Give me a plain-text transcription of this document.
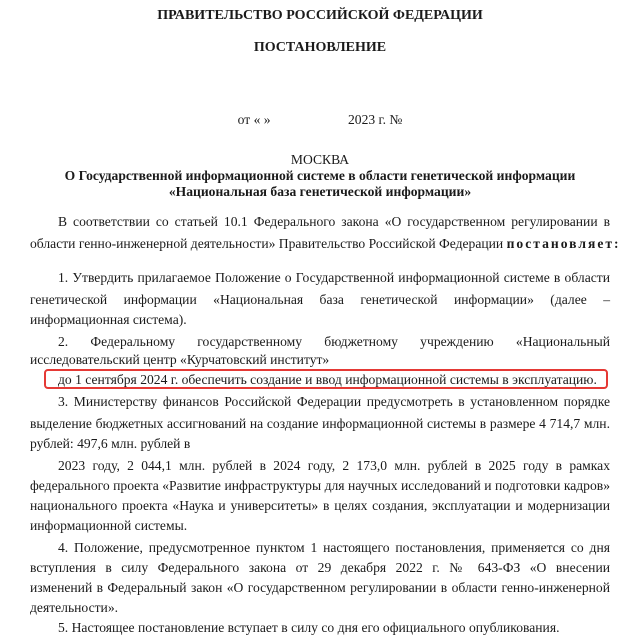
ПРАВИТЕЛЬСТВО РОССИЙСКОЙ ФЕДЕРАЦИИ
ПОСТАНОВЛЕНИЕ
от « »	2023 г. №
МОСКВА
О Государственной информационной системе в области генетической информации
«Национальная база генетической информации»
В соответствии со статьей 10.1 Федерального закона «О государственном регулировании в
области генно-инженерной деятельности» Правительство Российской Федерации постановляет:
1. Утвердить прилагаемое Положение о Государственной информационной системе в области
генетической информации «Национальная база генетической информации» (далее –
информационная система).
2. Федеральному государственному бюджетному учреждению «Национальный
исследовательский центр «Курчатовский институт»
до 1 сентября 2024 г. обеспечить создание и ввод информационной системы в эксплуатацию.
3. Министерству финансов Российской Федерации предусмотреть в установленном порядке
выделение бюджетных ассигнований на создание информационной системы в размере 4 714,7 млн.
рублей: 497,6 млн. рублей в
2023 году, 2 044,1 млн. рублей в 2024 году, 2 173,0 млн. рублей в 2025 году в рамках
федерального проекта «Развитие инфраструктуры для научных исследований и подготовки кадров»
национального проекта «Наука и университеты» в целях создания, эксплуатации и модернизации
информационной системы.
4. Положение, предусмотренное пунктом 1 настоящего постановления, применяется со дня
вступления в силу Федерального закона от 29 декабря 2022 г. № 643-ФЗ «О внесении
изменений в Федеральный закон «О государственном регулировании в области генно-инженерной
деятельности».
5. Настоящее постановление вступает в силу со дня его официального опубликования.
